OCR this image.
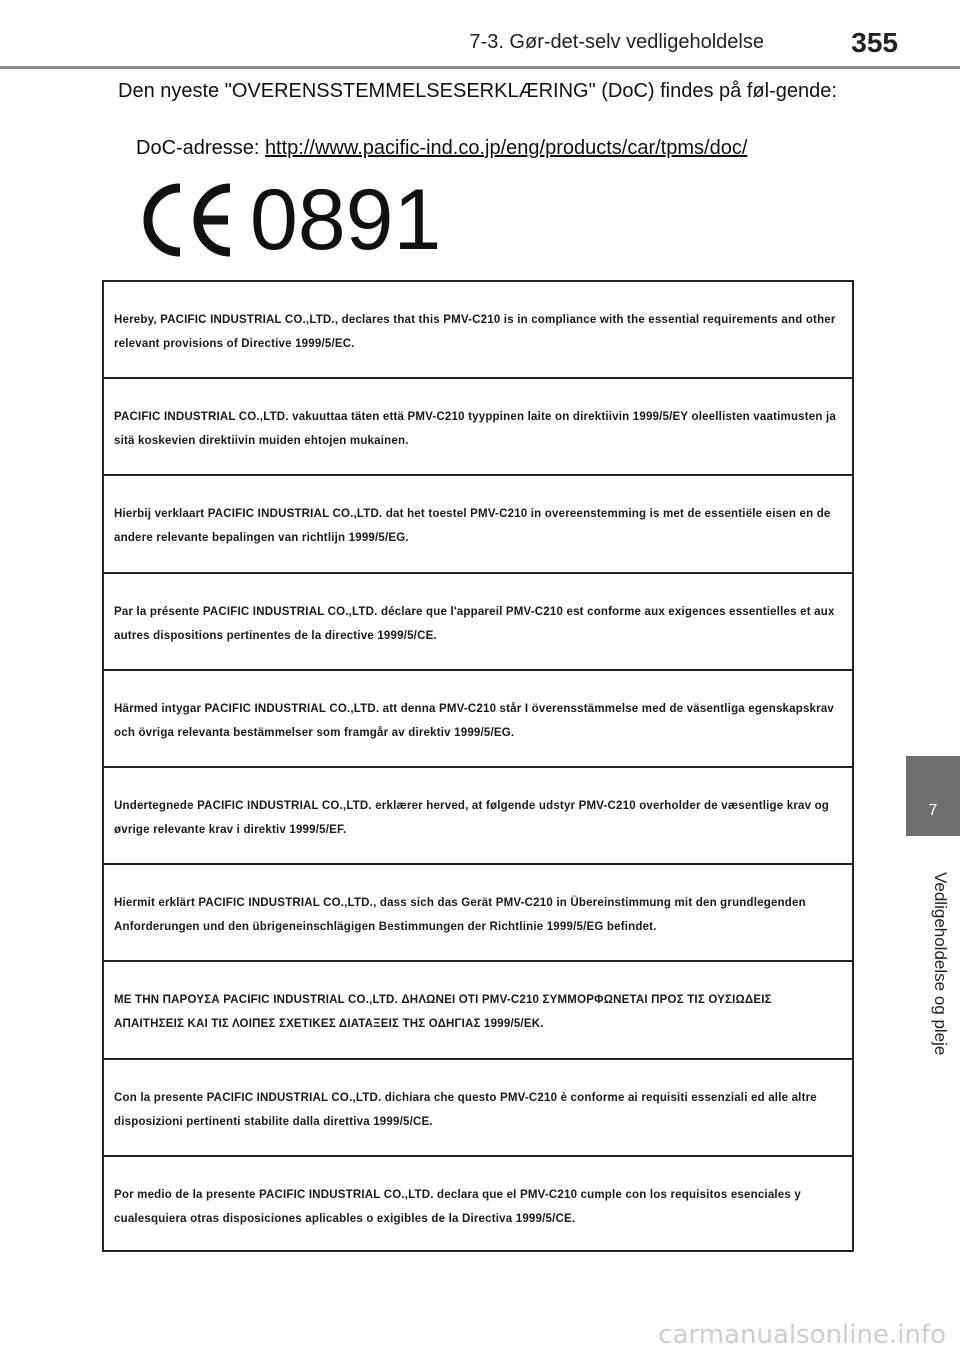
7-3. Gør-det-selv vedligeholdelse	355
Den nyeste "OVERENSSTEMMELSESERKLÆRING" (DoC) findes på føl-gende:
DoC-adresse: http://www.pacific-ind.co.jp/eng/products/car/tpms/doc/
0891
Hereby, PACIFIC INDUSTRIAL CO.,LTD., declares that this PMV-C210 is in compliance with the essential requirements and other relevant provisions of Directive 1999/5/EC.
PACIFIC INDUSTRIAL CO.,LTD. vakuuttaa täten että PMV-C210 tyyppinen laite on direktiivin 1999/5/EY oleellisten vaatimusten ja sitä koskevien direktiivin muiden ehtojen mukainen.
Hierbij verklaart PACIFIC INDUSTRIAL CO.,LTD. dat het toestel PMV-C210 in overeenstemming is met de essentiële eisen en de andere relevante bepalingen van richtlijn 1999/5/EG.
Par la présente PACIFIC INDUSTRIAL CO.,LTD. déclare que l'appareil PMV-C210 est conforme aux exigences essentielles et aux autres dispositions pertinentes de la directive 1999/5/CE.
Härmed intygar PACIFIC INDUSTRIAL CO.,LTD. att denna PMV-C210 står I överensstämmelse med de väsentliga egenskapskrav och övriga relevanta bestämmelser som framgår av direktiv 1999/5/EG.
Undertegnede PACIFIC INDUSTRIAL CO.,LTD. erklærer herved, at følgende udstyr PMV-C210 overholder de væsentlige krav og øvrige relevante krav i direktiv 1999/5/EF.
Hiermit erklärt PACIFIC INDUSTRIAL CO.,LTD., dass sich das Gerät PMV-C210 in Übereinstimmung mit den grundlegenden Anforderungen und den übrigeneinschlägigen Bestimmungen der Richtlinie 1999/5/EG befindet.
ΜΕ ΤΗΝ ΠΑΡΟΥΣΑ PACIFIC INDUSTRIAL CO.,LTD. ΔΗΛΩΝΕΙ ΟΤΙ PMV-C210 ΣΥΜΜΟΡΦΩΝΕΤΑΙ ΠΡΟΣ ΤΙΣ ΟΥΣΙΩΔΕΙΣ ΑΠΑΙΤΗΣΕΙΣ ΚΑΙ ΤΙΣ ΛΟΙΠΕΣ ΣΧΕΤΙΚΕΣ ΔΙΑΤΑΞΕΙΣ ΤΗΣ ΟΔΗΓΙΑΣ 1999/5/ΕΚ.
Con la presente PACIFIC INDUSTRIAL CO.,LTD. dichiara che questo PMV-C210 è conforme ai requisiti essenziali ed alle altre disposizioni pertinenti stabilite dalla direttiva 1999/5/CE.
Por medio de la presente PACIFIC INDUSTRIAL CO.,LTD. declara que el PMV-C210 cumple con los requisitos esenciales y cualesquiera otras disposiciones aplicables o exigibles de la Directiva 1999/5/CE.
7
Vedligeholdelse og pleje
carmanualsonline.info
